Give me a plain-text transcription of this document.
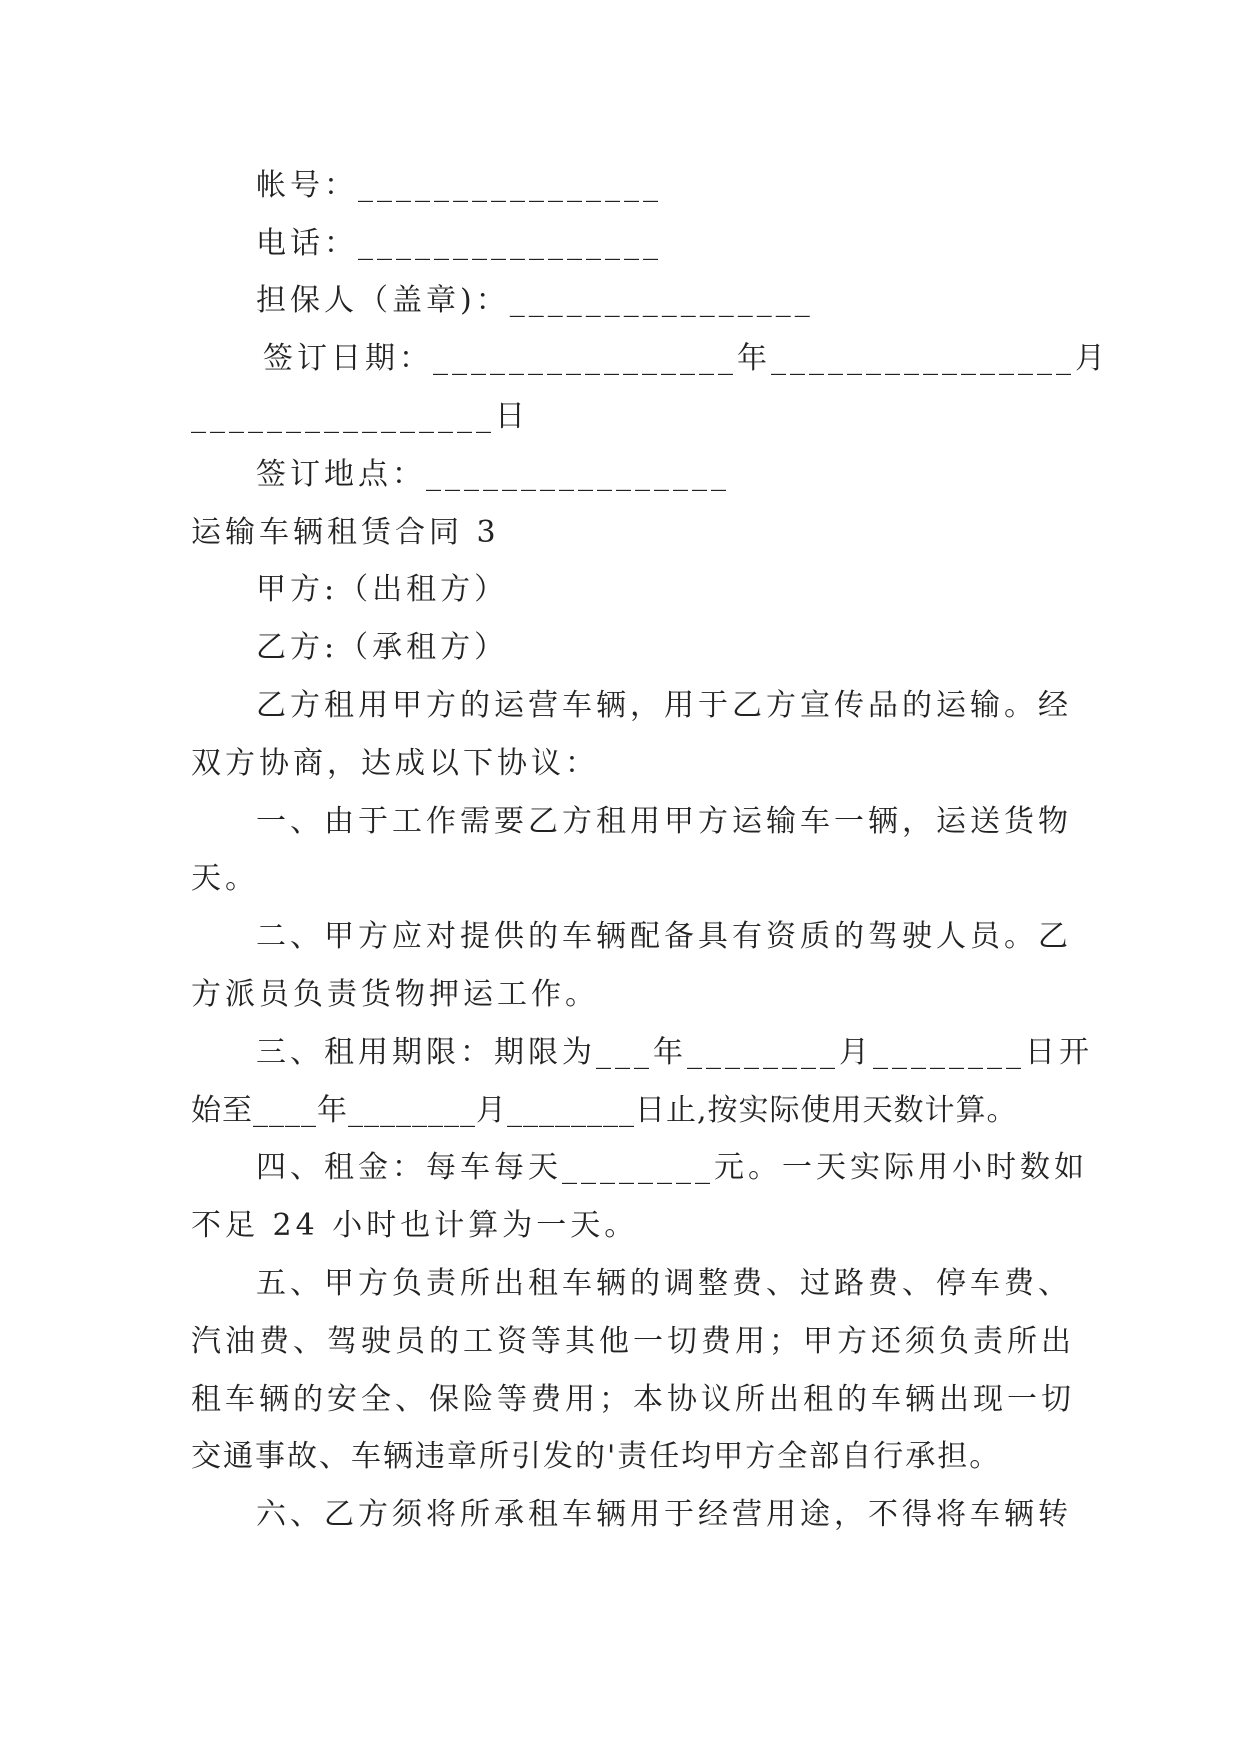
帐号：________________
电话：________________
担保人（盖章)：________________
签订日期：________________年________________月
________________日
签订地点：________________
运输车辆租赁合同 3
甲方:（出租方）
乙方:（承租方）
乙方租用甲方的运营车辆，用于乙方宣传品的运输。经
双方协商，达成以下协议：
一、由于工作需要乙方租用甲方运输车一辆，运送货物
天。
二、甲方应对提供的车辆配备具有资质的驾驶人员。乙
方派员负责货物押运工作。
三、租用期限：期限为___年________月________日开
始至____年________月________日止,按实际使用天数计算。
四、租金：每车每天________元。一天实际用小时数如
不足 24 小时也计算为一天。
五、甲方负责所出租车辆的调整费、过路费、停车费、
汽油费、驾驶员的工资等其他一切费用；甲方还须负责所出
租车辆的安全、保险等费用；本协议所出租的车辆出现一切
交通事故、车辆违章所引发的'责任均甲方全部自行承担。
六、乙方须将所承租车辆用于经营用途，不得将车辆转
